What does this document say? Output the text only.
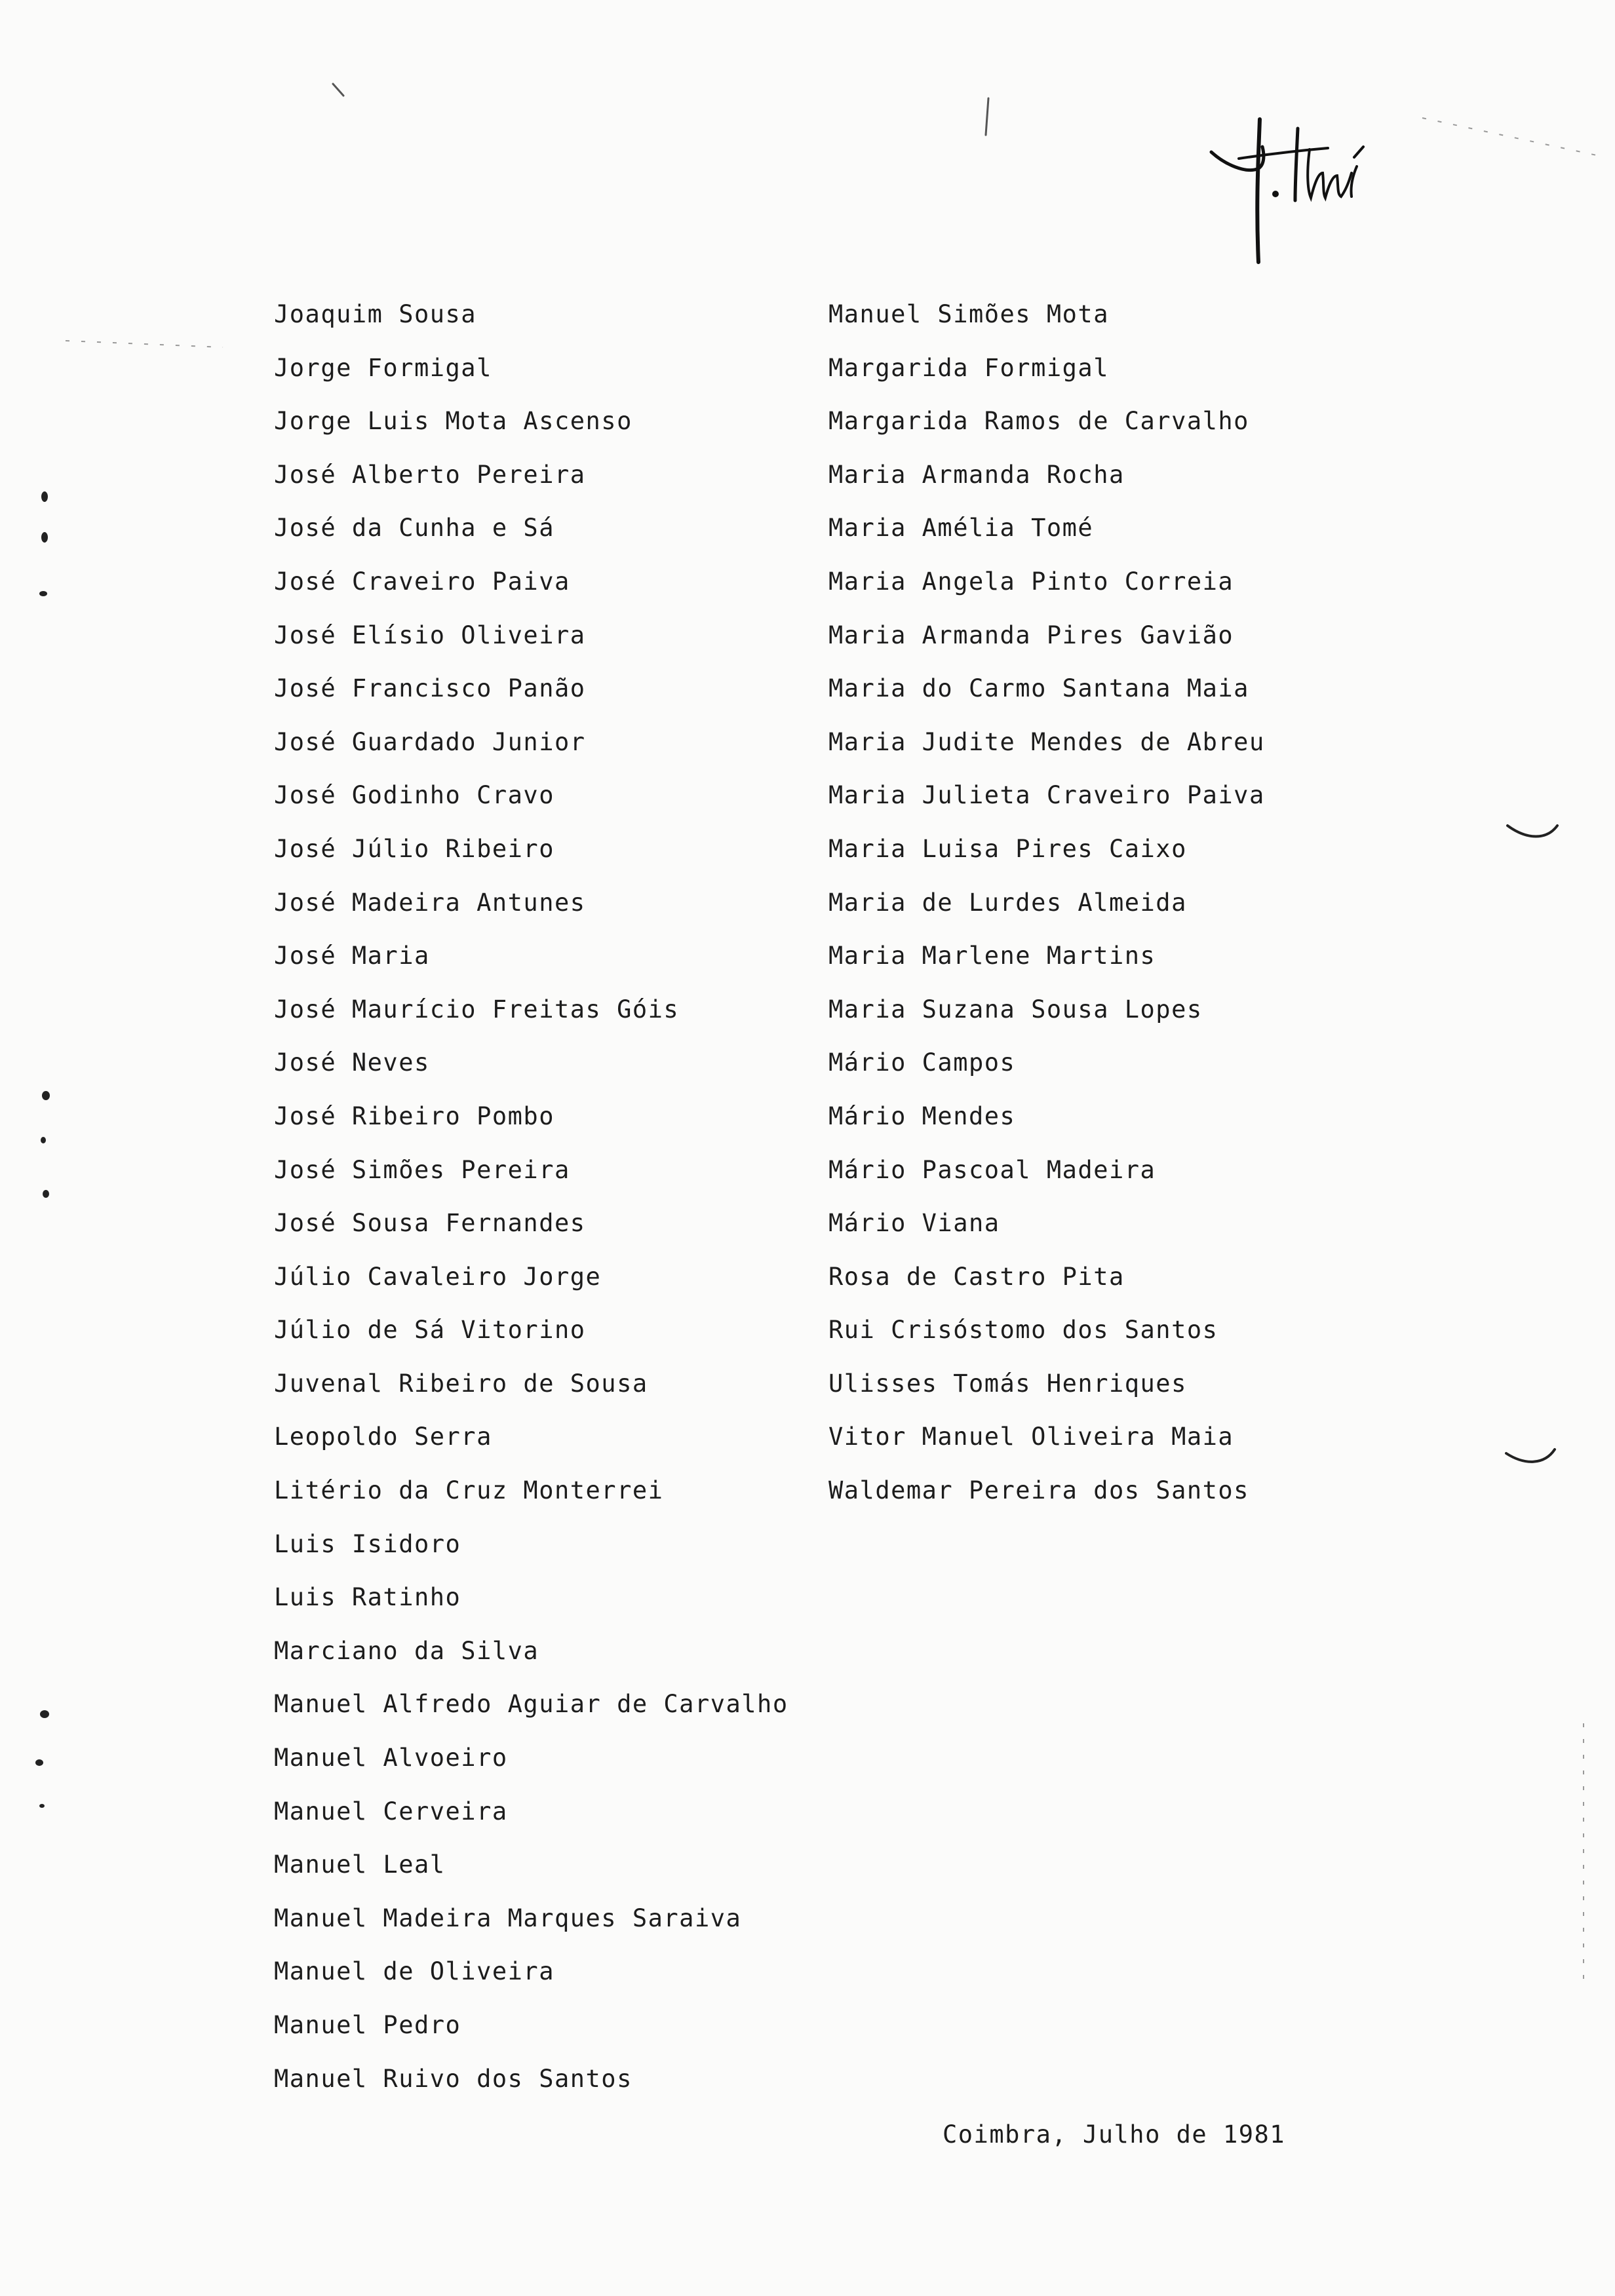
Joaquim Sousa
Jorge Formigal
Jorge Luis Mota Ascenso
José Alberto Pereira
José da Cunha e Sá
José Craveiro Paiva
José Elísio Oliveira
José Francisco Panão
José Guardado Junior
José Godinho Cravo
José Júlio Ribeiro
José Madeira Antunes
José Maria
José Maurício Freitas Góis
José Neves
José Ribeiro Pombo
José Simões Pereira
José Sousa Fernandes
Júlio Cavaleiro Jorge
Júlio de Sá Vitorino
Juvenal Ribeiro de Sousa
Leopoldo Serra
Litério da Cruz Monterrei
Luis Isidoro
Luis Ratinho
Marciano da Silva
Manuel Alfredo Aguiar de Carvalho
Manuel Alvoeiro
Manuel Cerveira
Manuel Leal
Manuel Madeira Marques Saraiva
Manuel de Oliveira
Manuel Pedro
Manuel Ruivo dos Santos
Manuel Simões Mota
Margarida Formigal
Margarida Ramos de Carvalho
Maria Armanda Rocha
Maria Amélia Tomé
Maria Angela Pinto Correia
Maria Armanda Pires Gavião
Maria do Carmo Santana Maia
Maria Judite Mendes de Abreu
Maria Julieta Craveiro Paiva
Maria Luisa Pires Caixo
Maria de Lurdes Almeida
Maria Marlene Martins
Maria Suzana Sousa Lopes
Mário Campos
Mário Mendes
Mário Pascoal Madeira
Mário Viana
Rosa de Castro Pita
Rui Crisóstomo dos Santos
Ulisses Tomás Henriques
Vitor Manuel Oliveira Maia
Waldemar Pereira dos Santos
Coimbra, Julho de 1981
